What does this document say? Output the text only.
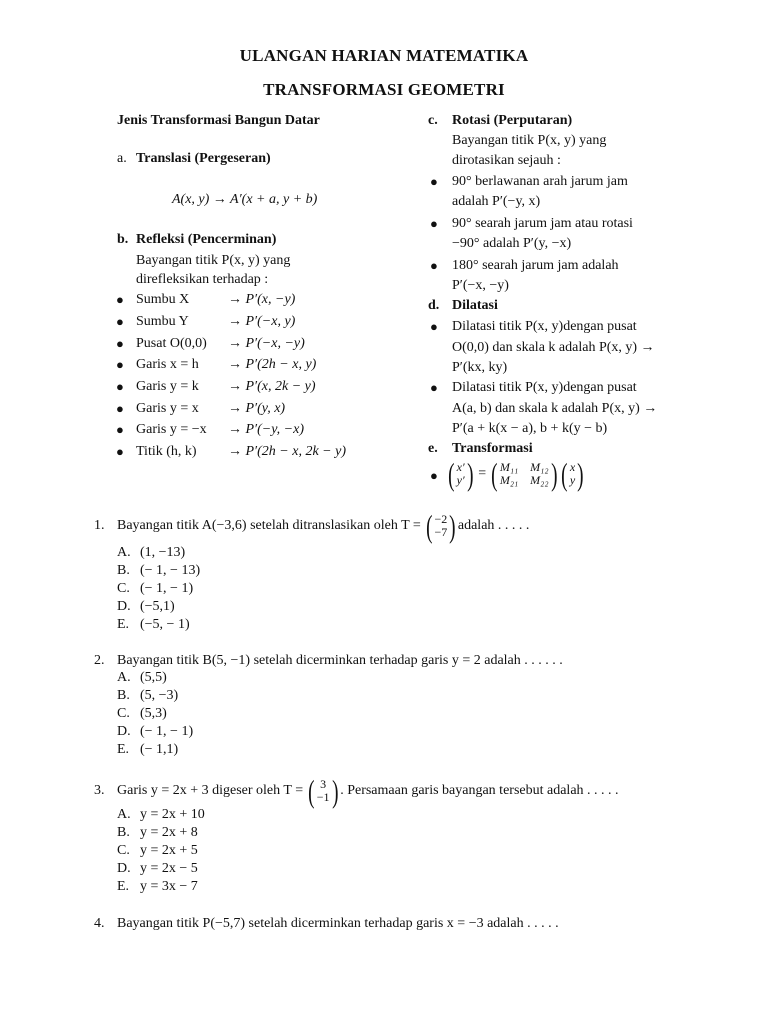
ULANGAN HARIAN MATEMATIKA
TRANSFORMASI GEOMETRI
Jenis Transformasi Bangun Datar
a. Translasi (Pergeseran)
A(x, y) → A′(x + a, y + b)
b. Refleksi (Pencerminan)
Bayangan titik P(x, y) yang
direfleksikan terhadap :
● Sumbu X	→ P′(x, −y)
● Sumbu Y	→ P′(−x, y)
● Pusat O(0,0) → P′(−x, −y)
● Garis x = h → P′(2h − x, y)
● Garis y = k → P′(x, 2k − y)
● Garis y = x → P′(y, x)
● Garis y = −x → P′(−y, −x)
● Titik (h, k) → P′(2h − x, 2k − y)
c. Rotasi (Perputaran)
Bayangan titik P(x, y) yang
dirotasikan sejauh :
● 90° berlawanan arah jarum jam
adalah P′(−y, x)
● 90° searah jarum jam atau rotasi
−90° adalah P′(y, −x)
● 180° searah jarum jam adalah
P′(−x, −y)
d. Dilatasi
● Dilatasi titik P(x, y)dengan pusat
O(0,0) dan skala k adalah P(x, y) →
P′(kx, ky)
● Dilatasi titik P(x, y)dengan pusat
A(a, b) dan skala k adalah P(x, y) →
P′(a + k(x − a), b + k(y − b)
e. Transformasi
● ( x′
y′ ) = ( M₁₁ M₁₂
M₂₁ M₂₂ ) ( x
y )
1. Bayangan titik A(−3,6) setelah ditranslasikan oleh T = ( −2
−7 ) adalah . . . . .
A. (1, −13)
B. (− 1, − 13)
C. (− 1, − 1)
D. (−5,1)
E. (−5, − 1)
2. Bayangan titik B(5, −1) setelah dicerminkan terhadap garis y = 2 adalah . . . . . .
A. (5,5)
B. (5, −3)
C. (5,3)
D. (− 1, − 1)
E. (− 1,1)
3. Garis y = 2x + 3 digeser oleh T = ( 3
−1 ) . Persamaan garis bayangan tersebut adalah . . . . .
A. y = 2x + 10
B. y = 2x + 8
C. y = 2x + 5
D. y = 2x − 5
E. y = 3x − 7
4. Bayangan titik P(−5,7) setelah dicerminkan terhadap garis x = −3 adalah . . . . .
